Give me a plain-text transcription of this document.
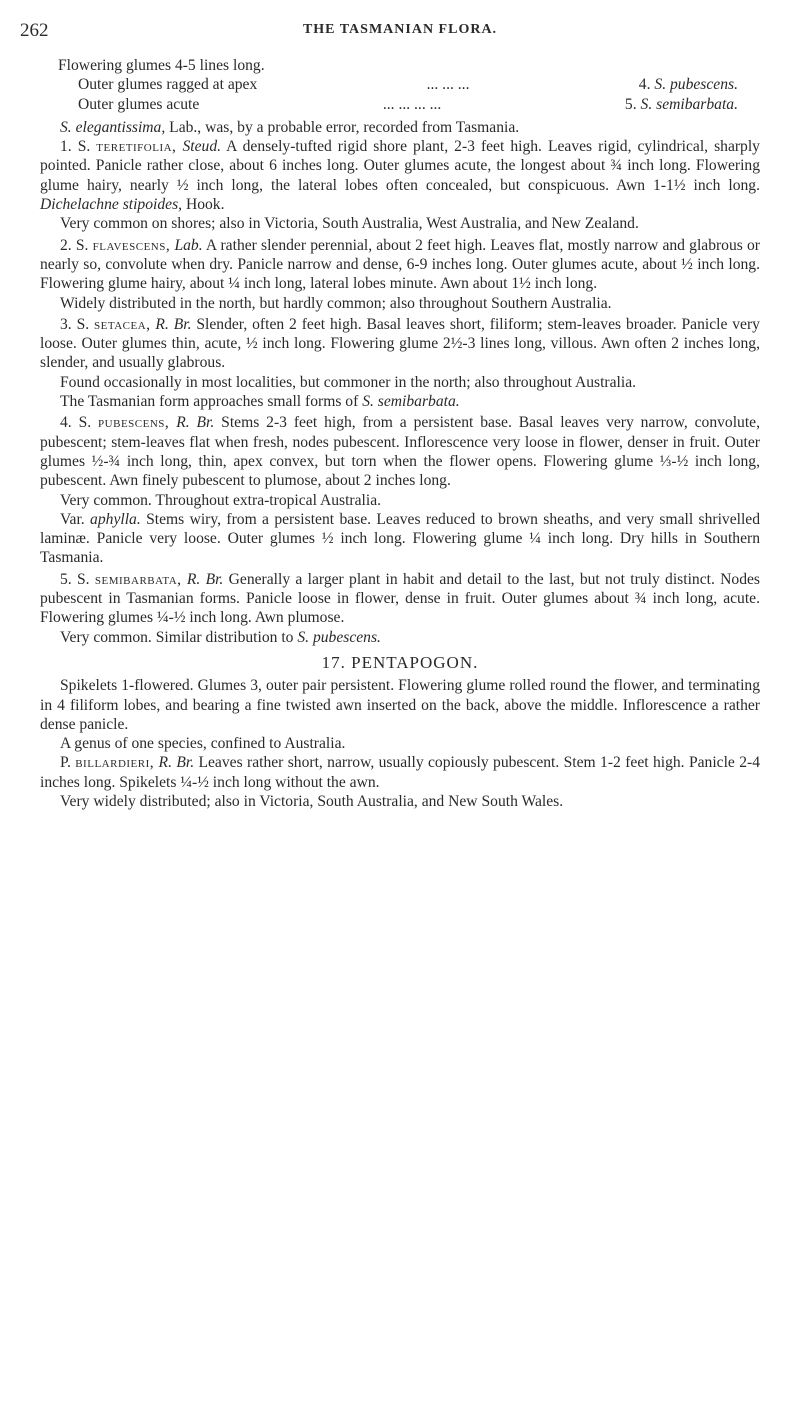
262	THE TASMANIAN FLORA.
Flowering glumes 4-5 lines long.
Outer glumes ragged at apex	... ... ...	4. S. pubescens.
Outer glumes acute	... ... ... ...	5. S. semibarbata.

S. elegantissima, Lab., was, by a probable error, recorded from Tasmania.

1. S. teretifolia, Steud. A densely-tufted rigid shore plant, 2-3 feet high. Leaves rigid, cylindrical, sharply pointed. Panicle rather close, about 6 inches long. Outer glumes acute, the longest about ¾ inch long. Flowering glume hairy, nearly ½ inch long, the lateral lobes often concealed, but conspicuous. Awn 1-1½ inch long. Dichelachne stipoides, Hook.

Very common on shores; also in Victoria, South Australia, West Australia, and New Zealand.

2. S. flavescens, Lab. A rather slender perennial, about 2 feet high. Leaves flat, mostly narrow and glabrous or nearly so, convolute when dry. Panicle narrow and dense, 6-9 inches long. Outer glumes acute, about ½ inch long. Flowering glume hairy, about ¼ inch long, lateral lobes minute. Awn about 1½ inch long.

Widely distributed in the north, but hardly common; also throughout Southern Australia.

3. S. setacea, R. Br. Slender, often 2 feet high. Basal leaves short, filiform; stem-leaves broader. Panicle very loose. Outer glumes thin, acute, ½ inch long. Flowering glume 2½-3 lines long, villous. Awn often 2 inches long, slender, and usually glabrous.

Found occasionally in most localities, but commoner in the north; also throughout Australia.

The Tasmanian form approaches small forms of S. semibarbata.

4. S. pubescens, R. Br. Stems 2-3 feet high, from a persistent base. Basal leaves very narrow, convolute, pubescent; stem-leaves flat when fresh, nodes pubescent. Inflorescence very loose in flower, denser in fruit. Outer glumes ½-¾ inch long, thin, apex convex, but torn when the flower opens. Flowering glume ⅓-½ inch long, pubescent. Awn finely pubescent to plumose, about 2 inches long.

Very common. Throughout extra-tropical Australia.

Var. aphylla. Stems wiry, from a persistent base. Leaves reduced to brown sheaths, and very small shrivelled laminæ. Panicle very loose. Outer glumes ½ inch long. Flowering glume ¼ inch long. Dry hills in Southern Tasmania.

5. S. semibarbata, R. Br. Generally a larger plant in habit and detail to the last, but not truly distinct. Nodes pubescent in Tasmanian forms. Panicle loose in flower, dense in fruit. Outer glumes about ¾ inch long, acute. Flowering glumes ¼-½ inch long. Awn plumose.

Very common. Similar distribution to S. pubescens.

17. PENTAPOGON.

Spikelets 1-flowered. Glumes 3, outer pair persistent. Flowering glume rolled round the flower, and terminating in 4 filiform lobes, and bearing a fine twisted awn inserted on the back, above the middle. Inflorescence a rather dense panicle.

A genus of one species, confined to Australia.

P. billardieri, R. Br. Leaves rather short, narrow, usually copiously pubescent. Stem 1-2 feet high. Panicle 2-4 inches long. Spikelets ¼-½ inch long without the awn.

Very widely distributed; also in Victoria, South Australia, and New South Wales.
